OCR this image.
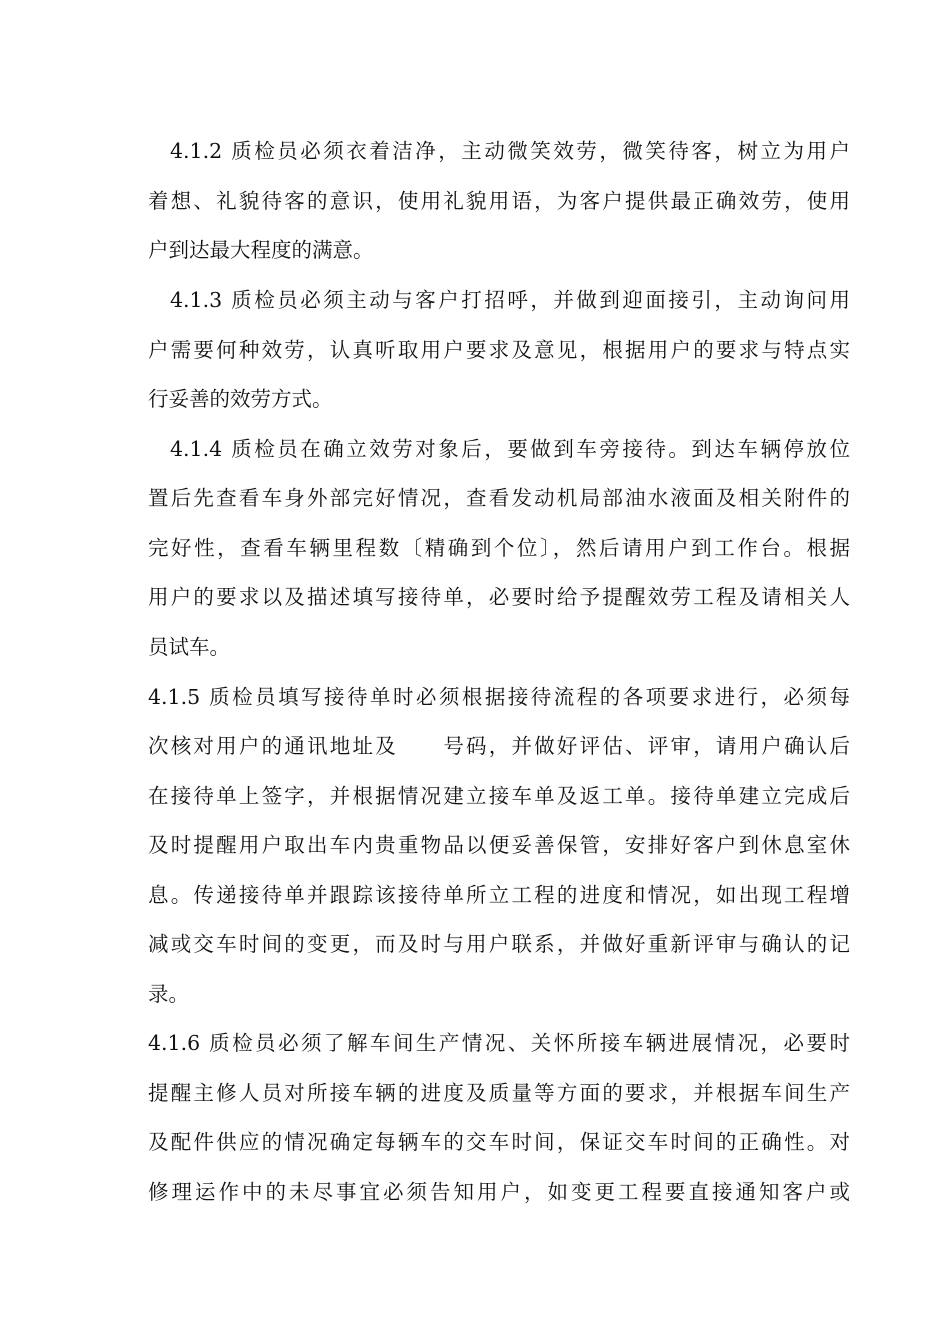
4.1.2 质检员必须衣着洁净，主动微笑效劳，微笑待客，树立为用户
着想、礼貌待客的意识，使用礼貌用语，为客户提供最正确效劳，使用
户到达最大程度的满意。
4.1.3 质检员必须主动与客户打招呼，并做到迎面接引，主动询问用
户需要何种效劳，认真听取用户要求及意见，根据用户的要求与特点实
行妥善的效劳方式。
4.1.4 质检员在确立效劳对象后，要做到车旁接待。到达车辆停放位
置后先查看车身外部完好情况，查看发动机局部油水液面及相关附件的
完好性，查看车辆里程数〔精确到个位〕，然后请用户到工作台。根据
用户的要求以及描述填写接待单，必要时给予提醒效劳工程及请相关人
员试车。
4.1.5 质检员填写接待单时必须根据接待流程的各项要求进行，必须每
次核对用户的通讯地址及　　号码，并做好评估、评审，请用户确认后
在接待单上签字，并根据情况建立接车单及返工单。接待单建立完成后
及时提醒用户取出车内贵重物品以便妥善保管，安排好客户到休息室休
息。传递接待单并跟踪该接待单所立工程的进度和情况，如出现工程增
减或交车时间的变更，而及时与用户联系，并做好重新评审与确认的记
录。
4.1.6 质检员必须了解车间生产情况、关怀所接车辆进展情况，必要时
提醒主修人员对所接车辆的进度及质量等方面的要求，并根据车间生产
及配件供应的情况确定每辆车的交车时间，保证交车时间的正确性。对
修理运作中的未尽事宜必须告知用户，如变更工程要直接通知客户或
